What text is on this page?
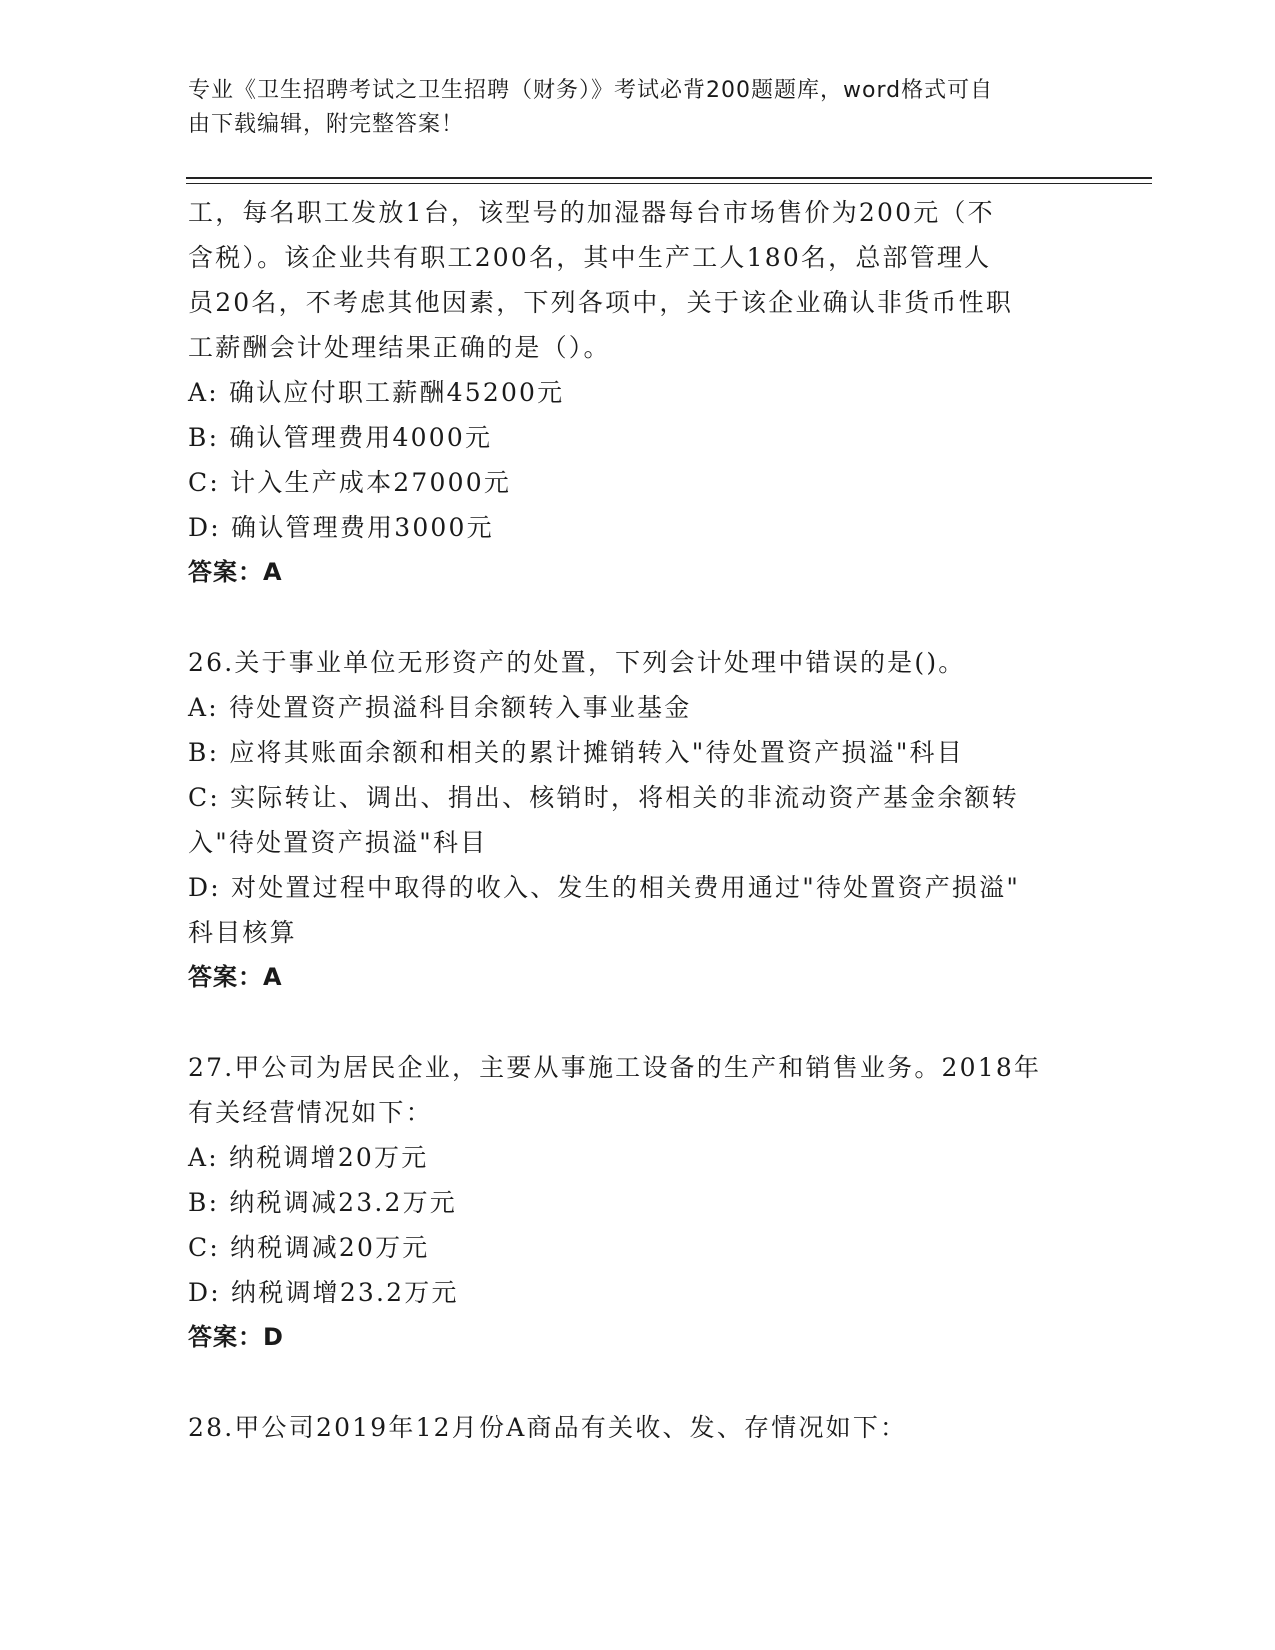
专业《卫生招聘考试之卫生招聘（财务）》考试必背200题题库，word格式可自
由下载编辑，附完整答案！
工，每名职工发放1台，该型号的加湿器每台市场售价为200元（不
含税）。该企业共有职工200名，其中生产工人180名，总部管理人
员20名，不考虑其他因素，下列各项中，关于该企业确认非货币性职
工薪酬会计处理结果正确的是（）。
A: 确认应付职工薪酬45200元
B: 确认管理费用4000元
C: 计入生产成本27000元
D: 确认管理费用3000元
答案：A
26.关于事业单位无形资产的处置，下列会计处理中错误的是()。
A: 待处置资产损溢科目余额转入事业基金
B: 应将其账面余额和相关的累计摊销转入"待处置资产损溢"科目
C: 实际转让、调出、捐出、核销时，将相关的非流动资产基金余额转
入"待处置资产损溢"科目
D: 对处置过程中取得的收入、发生的相关费用通过"待处置资产损溢"
科目核算
答案：A
27.甲公司为居民企业，主要从事施工设备的生产和销售业务。2018年
有关经营情况如下：
A: 纳税调增20万元
B: 纳税调减23.2万元
C: 纳税调减20万元
D: 纳税调增23.2万元
答案：D
28.甲公司2019年12月份A商品有关收、发、存情况如下：
